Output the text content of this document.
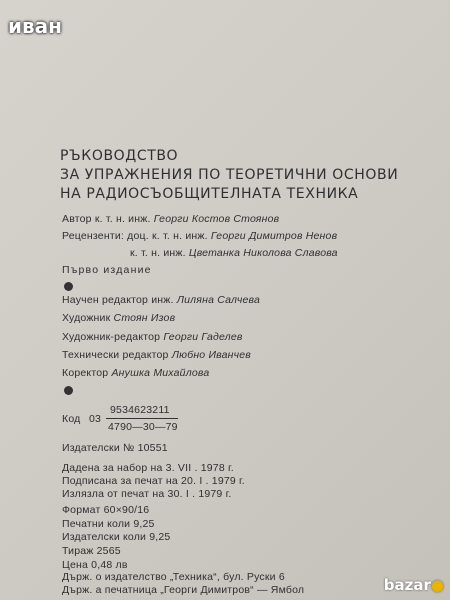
иван
РЪКОВОДСТВО
ЗА УПРАЖНЕНИЯ ПО ТЕОРЕТИЧНИ ОСНОВИ
НА РАДИОСЪОБЩИТЕЛНАТА ТЕХНИКА
Автор к. т. н. инж. Георги Костов Стоянов
Рецензенти: доц. к. т. н. инж. Георги Димитров Ненов
к. т. н. инж. Цветанка Николова Славова
Първо издание
Научен редактор инж. Лиляна Салчева
Художник Стоян Изов
Художник-редактор Георги Гаделев
Технически редактор Любно Иванчев
Коректор Анушка Михайлова
Код 03
9534623211
4790—30—79
Издателски № 10551
Дадена за набор на 3. VII . 1978 г.
Подписана за печат на 20. I . 1979 г.
Излязла от печат на 30. I . 1979 г.
Формат 60×90/16
Печатни коли 9,25
Издателски коли 9,25
Тираж 2565
Цена 0,48 лв
Държ. о издателство „Техника“, бул. Руски 6
Държ. а печатница „Георги Димитров“ — Ямбол	bazar●
